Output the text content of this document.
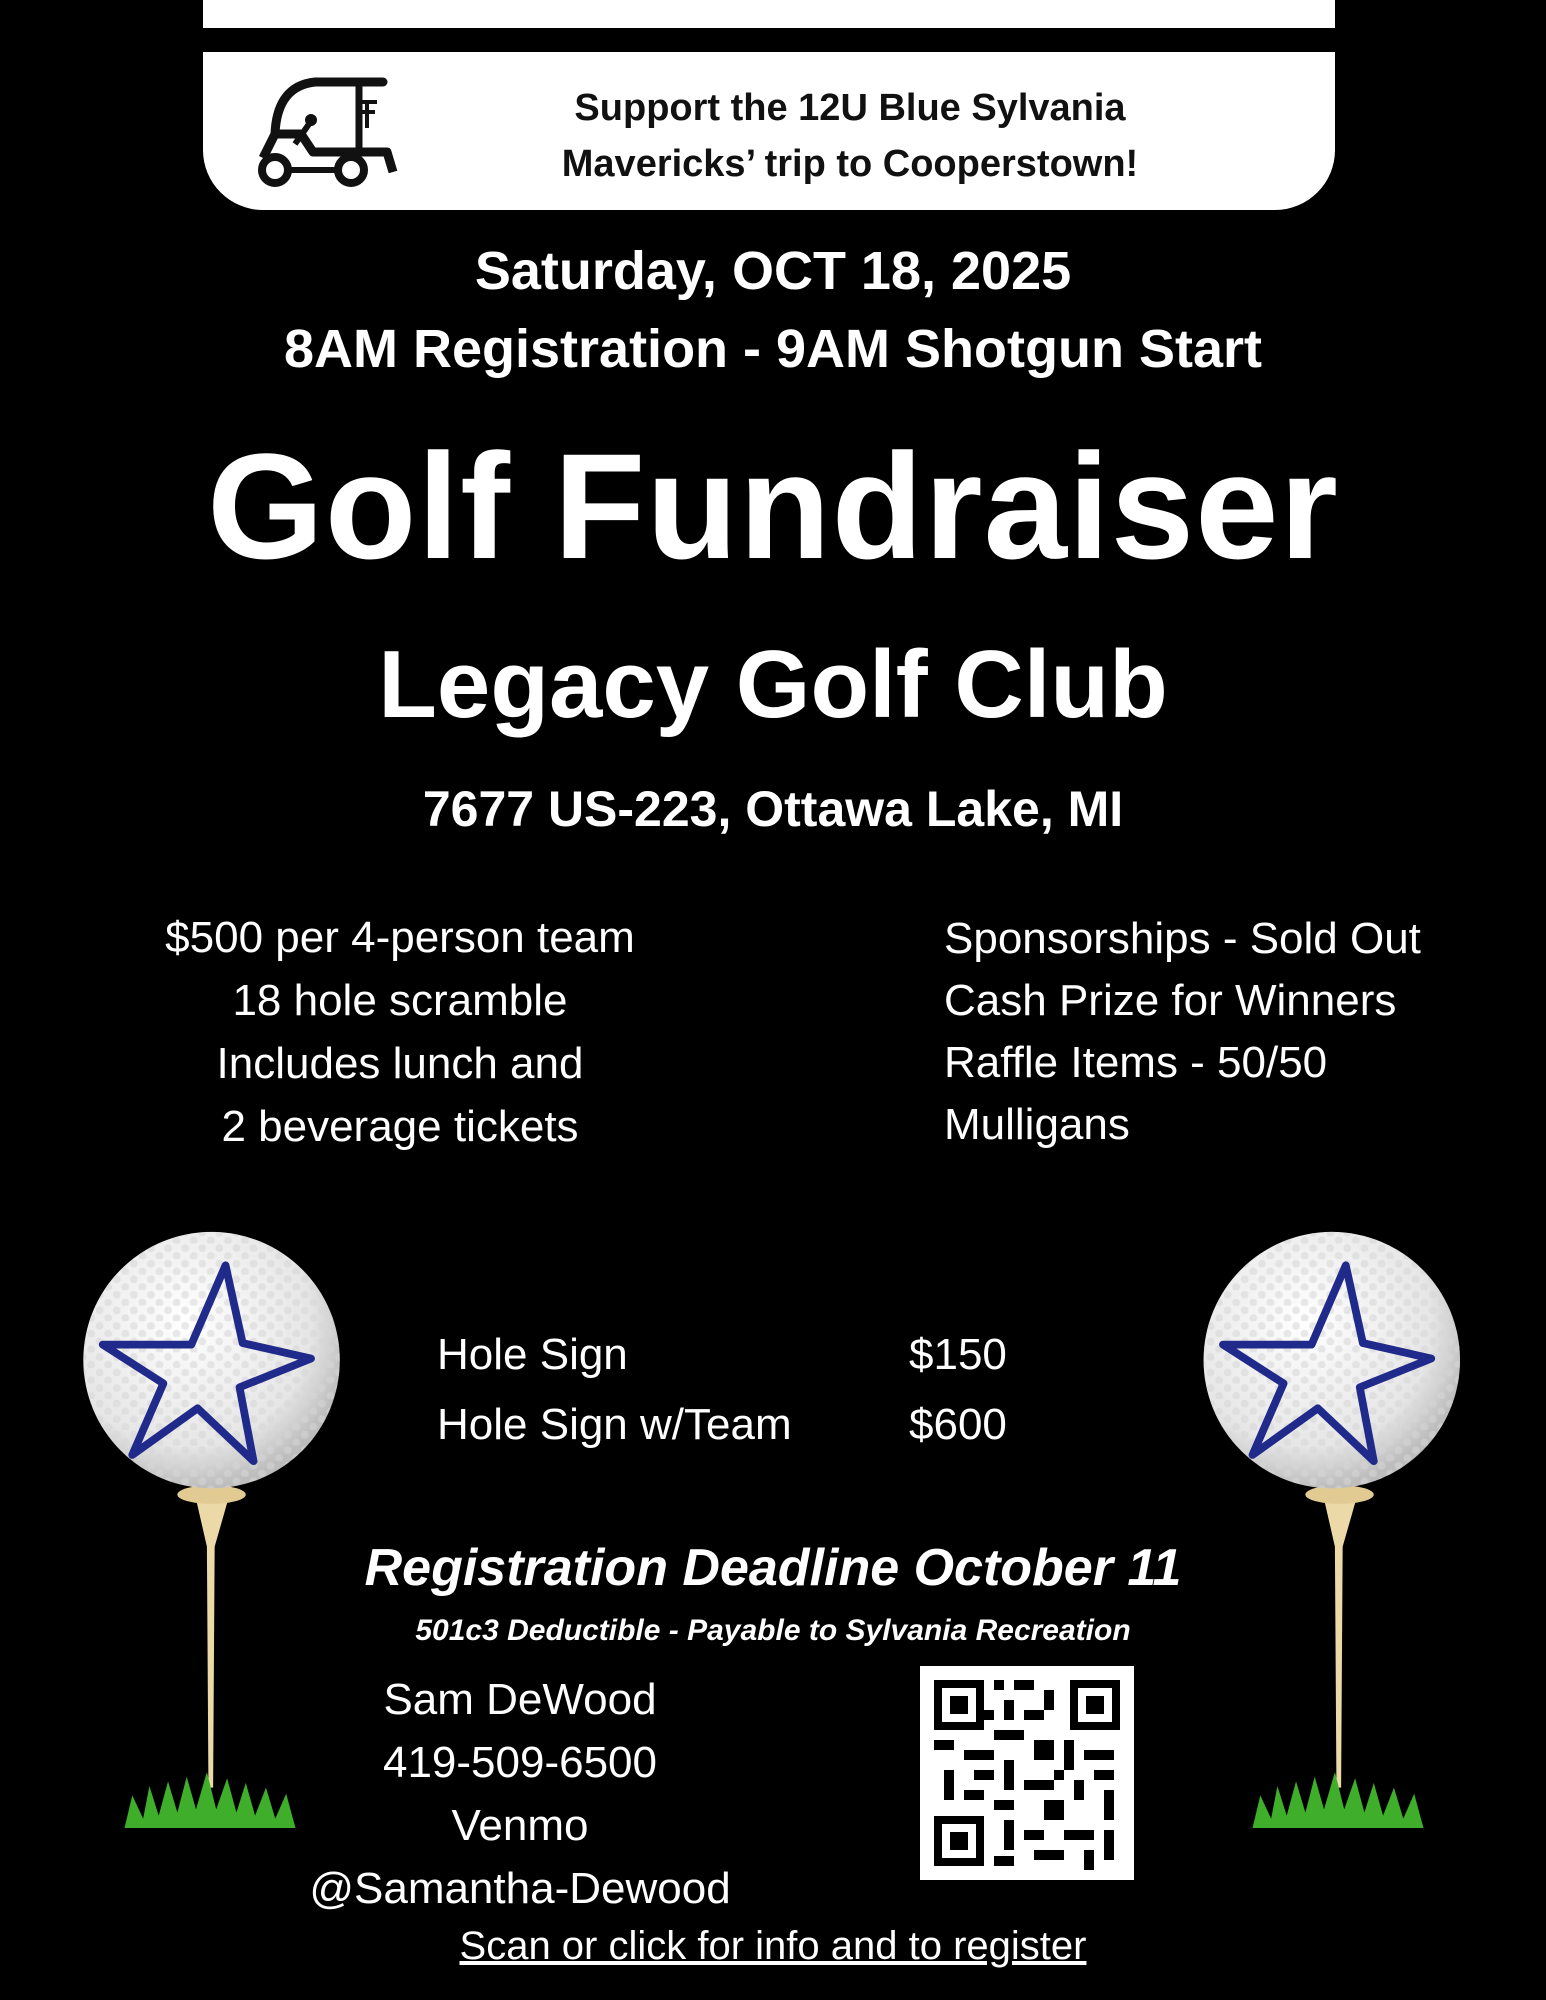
Support the 12U Blue Sylvania
Mavericks’ trip to Cooperstown!
Saturday, OCT 18, 2025
8AM Registration - 9AM Shotgun Start
Golf Fundraiser
Legacy Golf Club
7677 US-223, Ottawa Lake, MI
$500 per 4-person team
18 hole scramble
Includes lunch and
2 beverage tickets
Sponsorships - Sold Out
Cash Prize for Winners
Raffle Items - 50/50
Mulligans
Hole Sign	$150
Hole Sign w/Team	$600
Registration Deadline October 11
501c3 Deductible - Payable to Sylvania Recreation
Sam DeWood
419-509-6500
Venmo
@Samantha-Dewood
Scan or click for info and to register
